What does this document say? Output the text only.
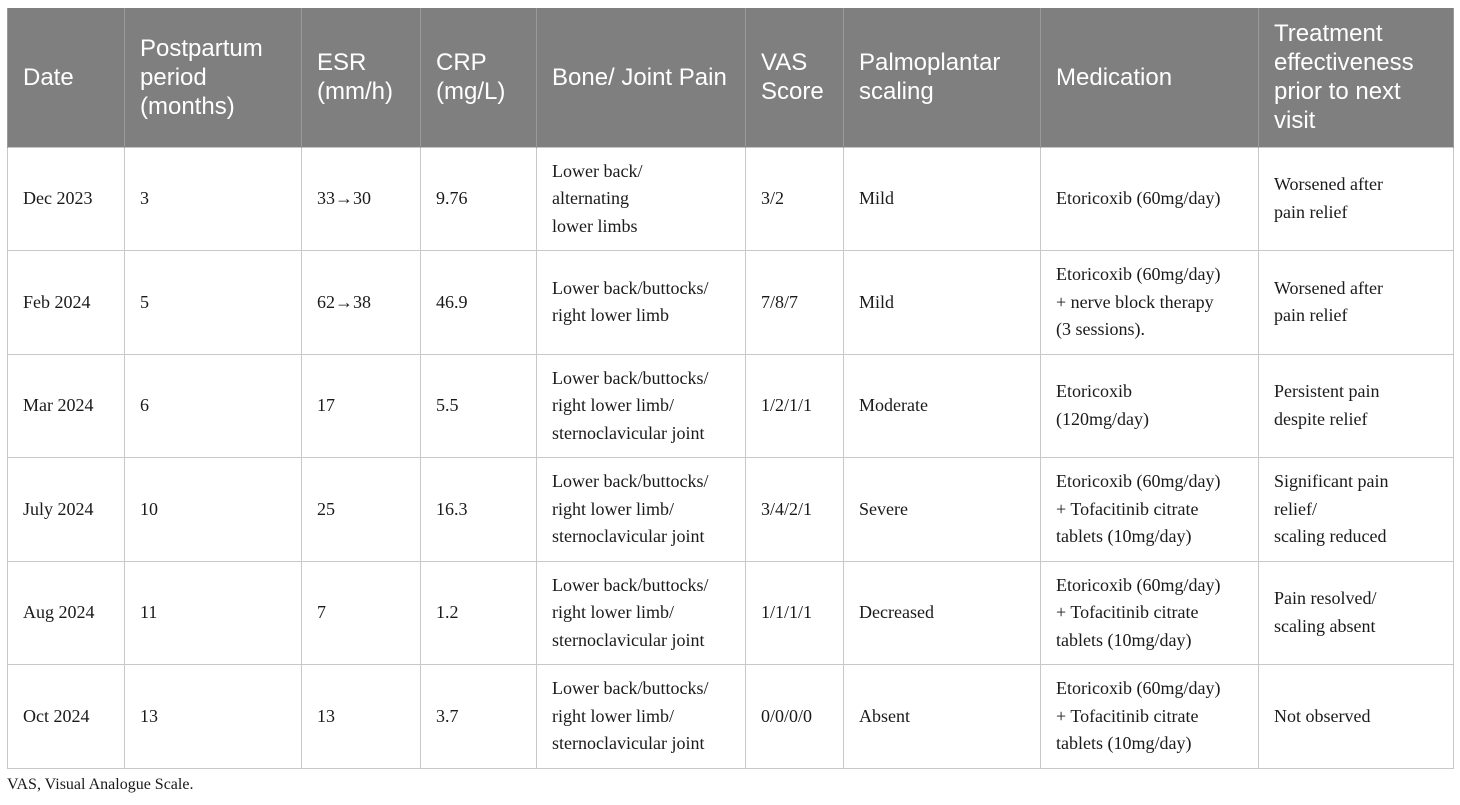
Date	Postpartum period (months)	ESR (mm/h)	CRP (mg/L)	Bone/ Joint Pain	VAS Score	Palmoplantar scaling	Medication	Treatment effectiveness prior to next visit
Dec 2023	3	33→30	9.76	Lower back/
alternating
lower limbs	3/2	Mild	Etoricoxib (60mg/day)	Worsened after
pain relief
Feb 2024	5	62→38	46.9	Lower back/buttocks/
right lower limb	7/8/7	Mild	Etoricoxib (60mg/day)
+ nerve block therapy
(3 sessions).	Worsened after
pain relief
Mar 2024	6	17	5.5	Lower back/buttocks/
right lower limb/
sternoclavicular joint	1/2/1/1	Moderate	Etoricoxib
(120mg/day)	Persistent pain
despite relief
July 2024	10	25	16.3	Lower back/buttocks/
right lower limb/
sternoclavicular joint	3/4/2/1	Severe	Etoricoxib (60mg/day)
+ Tofacitinib citrate
tablets (10mg/day)	Significant pain
relief/
scaling reduced
Aug 2024	11	7	1.2	Lower back/buttocks/
right lower limb/
sternoclavicular joint	1/1/1/1	Decreased	Etoricoxib (60mg/day)
+ Tofacitinib citrate
tablets (10mg/day)	Pain resolved/
scaling absent
Oct 2024	13	13	3.7	Lower back/buttocks/
right lower limb/
sternoclavicular joint	0/0/0/0	Absent	Etoricoxib (60mg/day)
+ Tofacitinib citrate
tablets (10mg/day)	Not observed
VAS, Visual Analogue Scale.
